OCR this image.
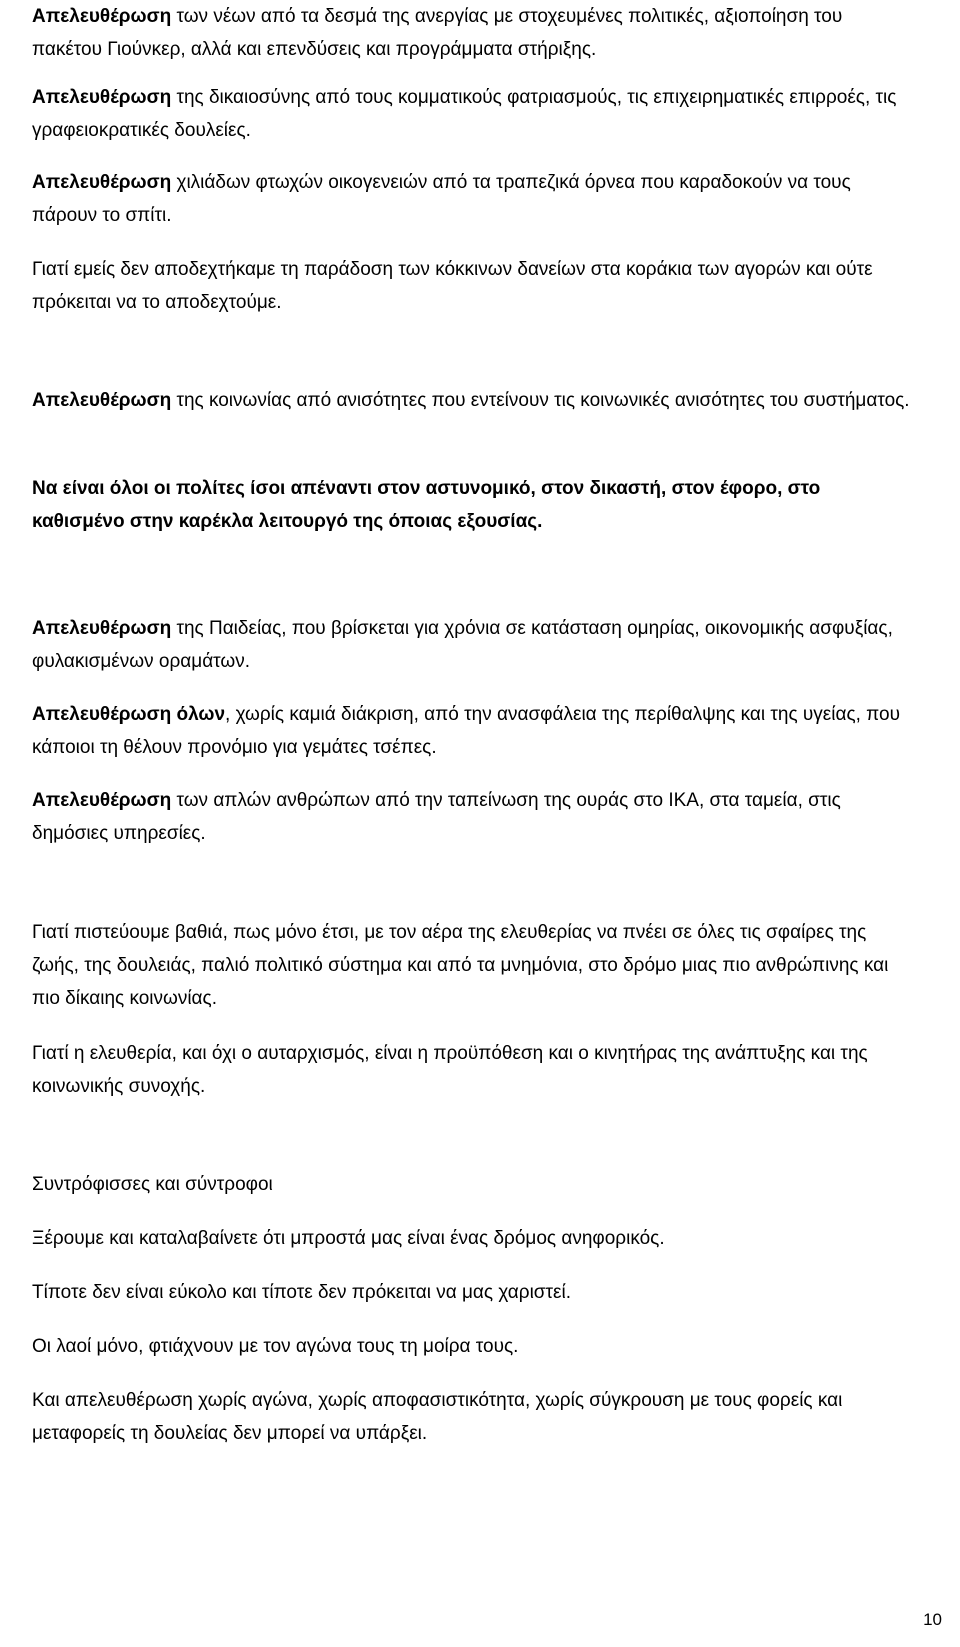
Απελευθέρωση των νέων από τα δεσμά της ανεργίας με στοχευμένες πολιτικές, αξιοποίηση του πακέτου Γιούνκερ, αλλά και επενδύσεις και προγράμματα στήριξης.

Απελευθέρωση της δικαιοσύνης από τους κομματικούς φατριασμούς, τις επιχειρηματικές επιρροές, τις γραφειοκρατικές δουλείες.

Απελευθέρωση χιλιάδων φτωχών οικογενειών από τα τραπεζικά όρνεα που καραδοκούν να τους πάρουν το σπίτι.

Γιατί εμείς δεν αποδεχτήκαμε τη παράδοση των κόκκινων δανείων στα κοράκια των αγορών και ούτε πρόκειται να το αποδεχτούμε.

Απελευθέρωση της κοινωνίας από ανισότητες που εντείνουν τις κοινωνικές ανισότητες του συστήματος.

Να είναι όλοι οι πολίτες ίσοι απέναντι στον αστυνομικό, στον δικαστή, στον έφορο, στο καθισμένο στην καρέκλα λειτουργό της όποιας εξουσίας.

Απελευθέρωση της Παιδείας, που βρίσκεται για χρόνια σε κατάσταση ομηρίας, οικονομικής ασφυξίας, φυλακισμένων οραμάτων.

Απελευθέρωση όλων, χωρίς καμιά διάκριση, από την ανασφάλεια της περίθαλψης και της υγείας, που κάποιοι τη θέλουν προνόμιο για γεμάτες τσέπες.

Απελευθέρωση των απλών ανθρώπων από την ταπείνωση της ουράς στο ΙΚΑ, στα ταμεία, στις δημόσιες υπηρεσίες.

Γιατί πιστεύουμε βαθιά, πως μόνο έτσι, με τον αέρα της ελευθερίας να πνέει σε όλες τις σφαίρες της ζωής, της δουλειάς, παλιό πολιτικό σύστημα και από τα μνημόνια, στο δρόμο μιας πιο ανθρώπινης και πιο δίκαιης κοινωνίας.

Γιατί η ελευθερία, και όχι ο αυταρχισμός, είναι η προϋπόθεση και ο κινητήρας της ανάπτυξης και της κοινωνικής συνοχής.

Συντρόφισσες και σύντροφοι

Ξέρουμε και καταλαβαίνετε ότι μπροστά μας είναι ένας δρόμος ανηφορικός.

Τίποτε δεν είναι εύκολο και τίποτε δεν πρόκειται να μας χαριστεί.

Οι λαοί μόνο, φτιάχνουν με τον αγώνα τους τη μοίρα τους.

Και απελευθέρωση χωρίς αγώνα, χωρίς αποφασιστικότητα, χωρίς σύγκρουση με τους φορείς και μεταφορείς τη δουλείας δεν μπορεί να υπάρξει.

10
